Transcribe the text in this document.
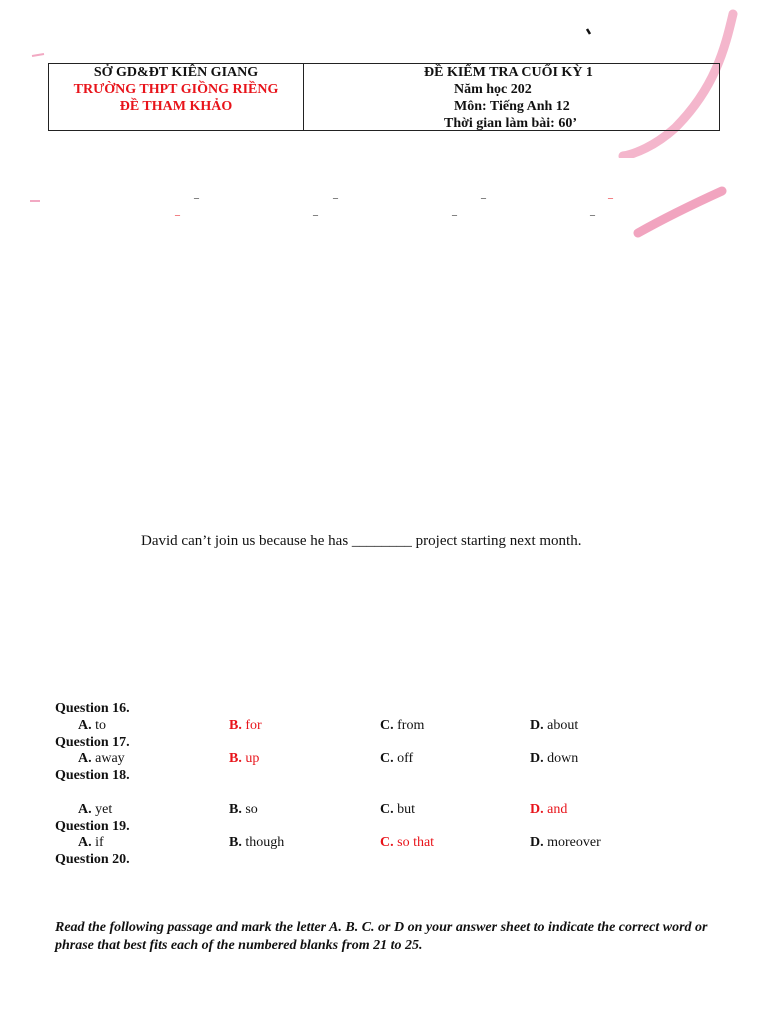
SỞ GD&ĐT KIÊN GIANG
TRƯỜNG THPT GIỒNG RIỀNG
ĐỀ THAM KHẢO
ĐỀ KIỂM TRA CUỐI KỲ 1
Năm học 202
Môn: Tiếng Anh 12
Thời gian làm bài: 60’
_	_	_	_
_	_	_	_
David can’t join us because he has ________ project starting next month.
Question 16.
A. to	B. for	C. from	D. about
Question 17.
A. away	B. up	C. off	D. down
Question 18.
A. yet	B. so	C. but	D. and
Question 19.
A. if	B. though	C. so that	D. moreover
Question 20.
Read the following passage and mark the letter A. B. C. or D on your answer sheet to indicate the correct word or phrase that best fits each of the numbered blanks from 21 to 25.
